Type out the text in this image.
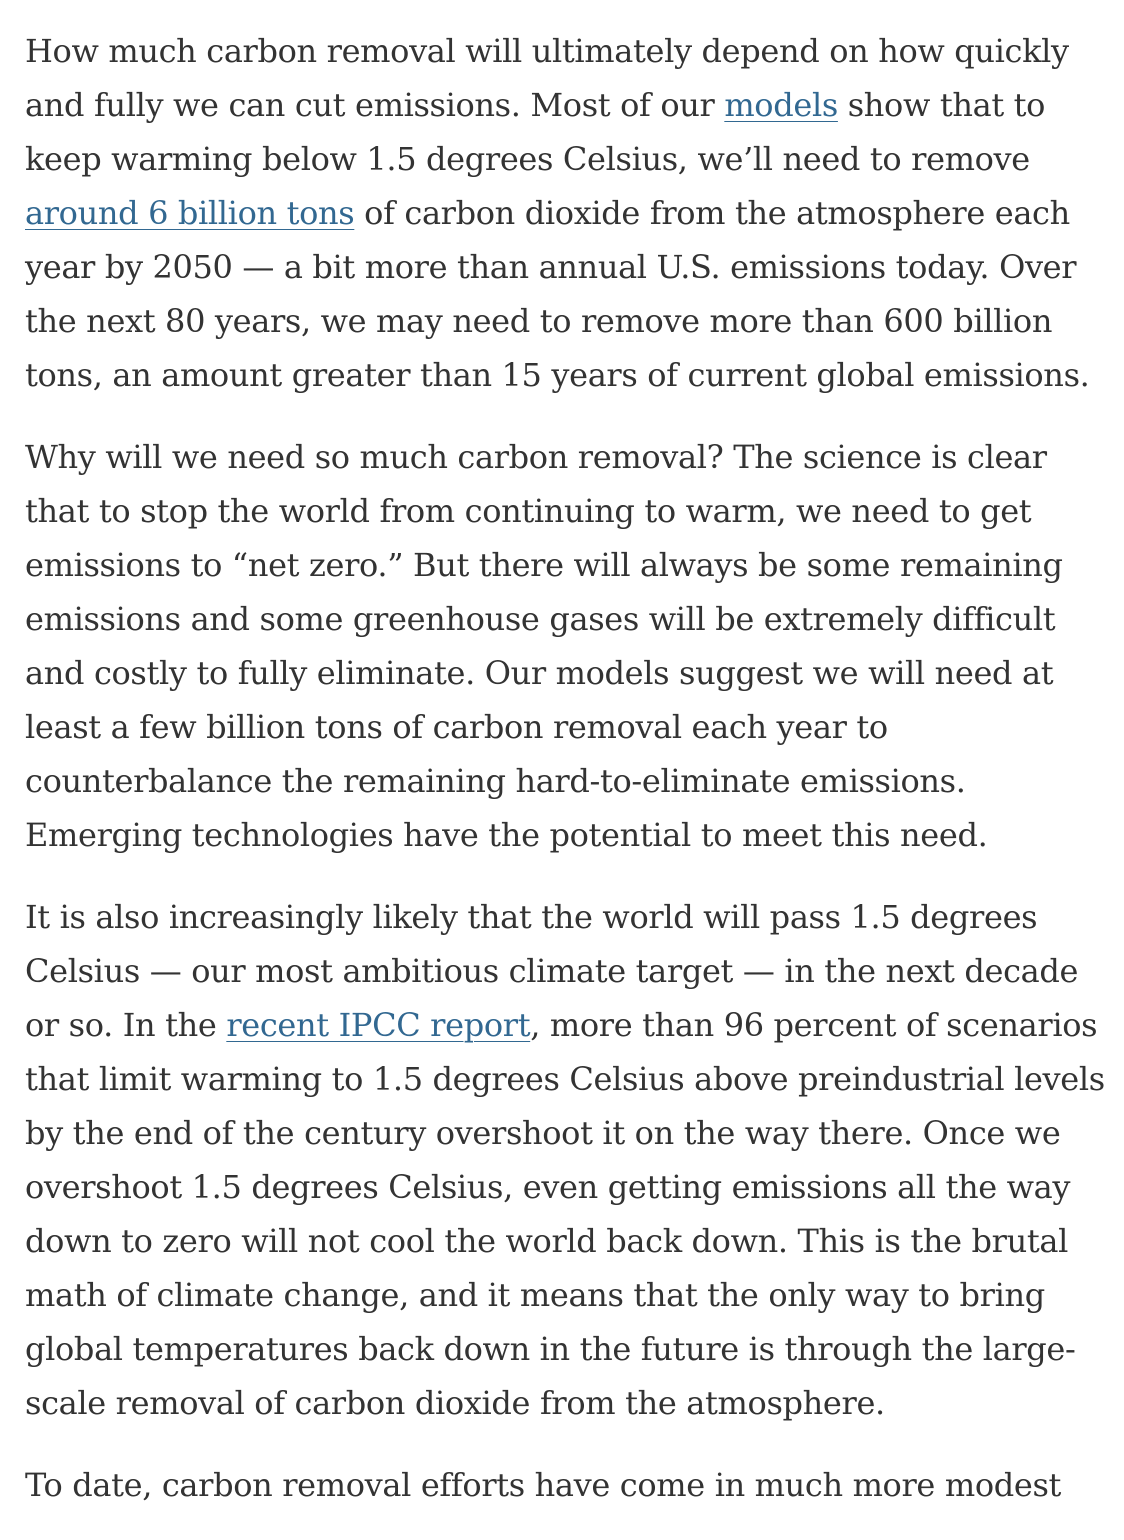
How much carbon removal will ultimately depend on how quickly
and fully we can cut emissions. Most of our models show that to
keep warming below 1.5 degrees Celsius, we’ll need to remove
around 6 billion tons of carbon dioxide from the atmosphere each
year by 2050 — a bit more than annual U.S. emissions today. Over
the next 80 years, we may need to remove more than 600 billion
tons, an amount greater than 15 years of current global emissions.

Why will we need so much carbon removal? The science is clear
that to stop the world from continuing to warm, we need to get
emissions to “net zero.” But there will always be some remaining
emissions and some greenhouse gases will be extremely difficult
and costly to fully eliminate. Our models suggest we will need at
least a few billion tons of carbon removal each year to
counterbalance the remaining hard-to-eliminate emissions.
Emerging technologies have the potential to meet this need.

It is also increasingly likely that the world will pass 1.5 degrees
Celsius — our most ambitious climate target — in the next decade
or so. In the recent IPCC report, more than 96 percent of scenarios
that limit warming to 1.5 degrees Celsius above preindustrial levels
by the end of the century overshoot it on the way there. Once we
overshoot 1.5 degrees Celsius, even getting emissions all the way
down to zero will not cool the world back down. This is the brutal
math of climate change, and it means that the only way to bring
global temperatures back down in the future is through the large-
scale removal of carbon dioxide from the atmosphere.

To date, carbon removal efforts have come in much more modest
